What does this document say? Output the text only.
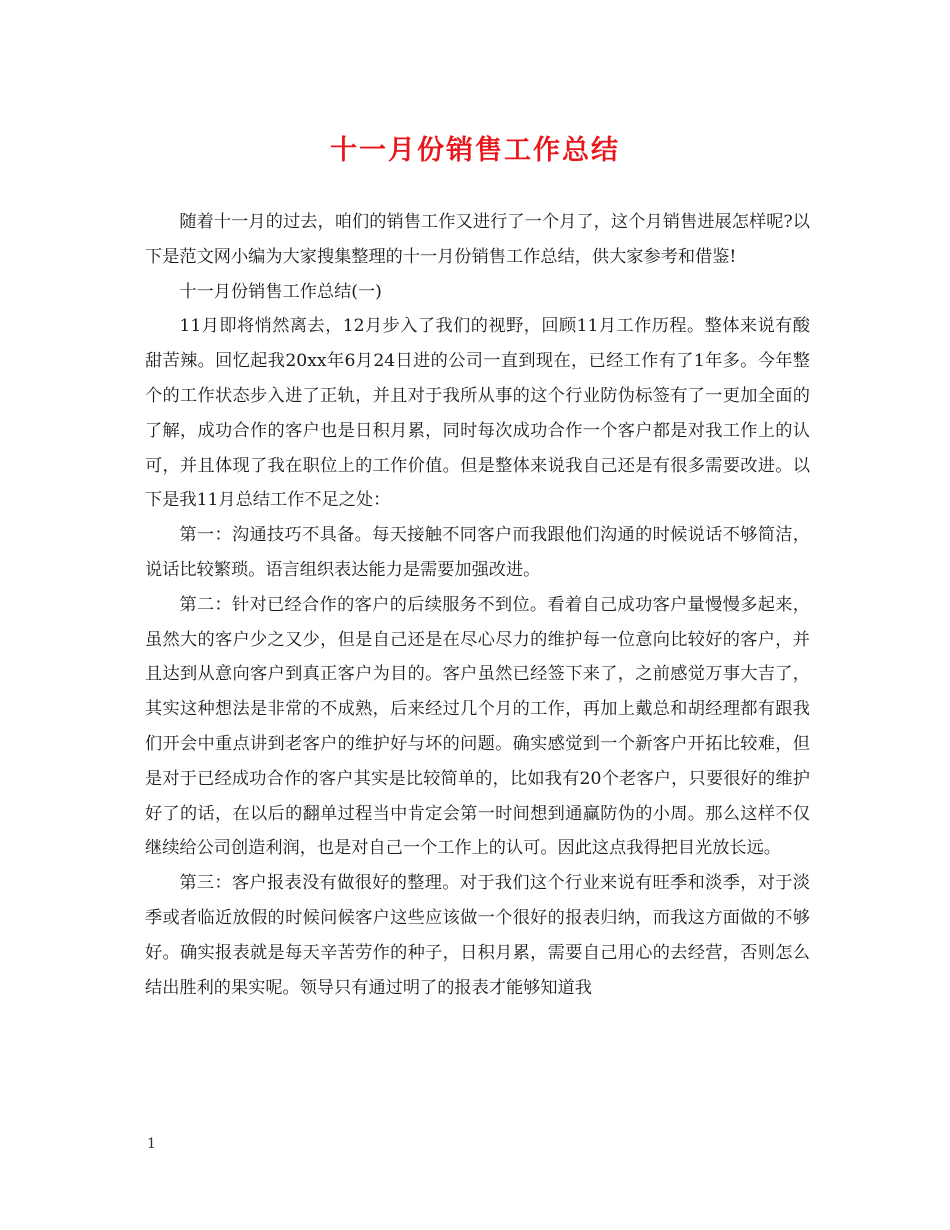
十一月份销售工作总结

随着十一月的过去，咱们的销售工作又进行了一个月了，这个月销售进展怎样呢?以下是范文网小编为大家搜集整理的十一月份销售工作总结，供大家参考和借鉴!

十一月份销售工作总结(一)

11月即将悄然离去，12月步入了我们的视野，回顾11月工作历程。整体来说有酸甜苦辣。回忆起我20xx年6月24日进的公司一直到现在，已经工作有了1年多。今年整个的工作状态步入进了正轨，并且对于我所从事的这个行业防伪标签有了一更加全面的了解，成功合作的客户也是日积月累，同时每次成功合作一个客户都是对我工作上的认可，并且体现了我在职位上的工作价值。但是整体来说我自己还是有很多需要改进。以下是我11月总结工作不足之处：

第一：沟通技巧不具备。每天接触不同客户而我跟他们沟通的时候说话不够简洁，说话比较繁琐。语言组织表达能力是需要加强改进。

第二：针对已经合作的客户的后续服务不到位。看着自己成功客户量慢慢多起来，虽然大的客户少之又少，但是自己还是在尽心尽力的维护每一位意向比较好的客户，并且达到从意向客户到真正客户为目的。客户虽然已经签下来了，之前感觉万事大吉了，其实这种想法是非常的不成熟，后来经过几个月的工作，再加上戴总和胡经理都有跟我们开会中重点讲到老客户的维护好与坏的问题。确实感觉到一个新客户开拓比较难，但是对于已经成功合作的客户其实是比较简单的，比如我有20个老客户，只要很好的维护好了的话，在以后的翻单过程当中肯定会第一时间想到通赢防伪的小周。那么这样不仅继续给公司创造利润，也是对自己一个工作上的认可。因此这点我得把目光放长远。

第三：客户报表没有做很好的整理。对于我们这个行业来说有旺季和淡季，对于淡季或者临近放假的时候问候客户这些应该做一个很好的报表归纳，而我这方面做的不够好。确实报表就是每天辛苦劳作的种子，日积月累，需要自己用心的去经营，否则怎么结出胜利的果实呢。领导只有通过明了的报表才能够知道我

1
